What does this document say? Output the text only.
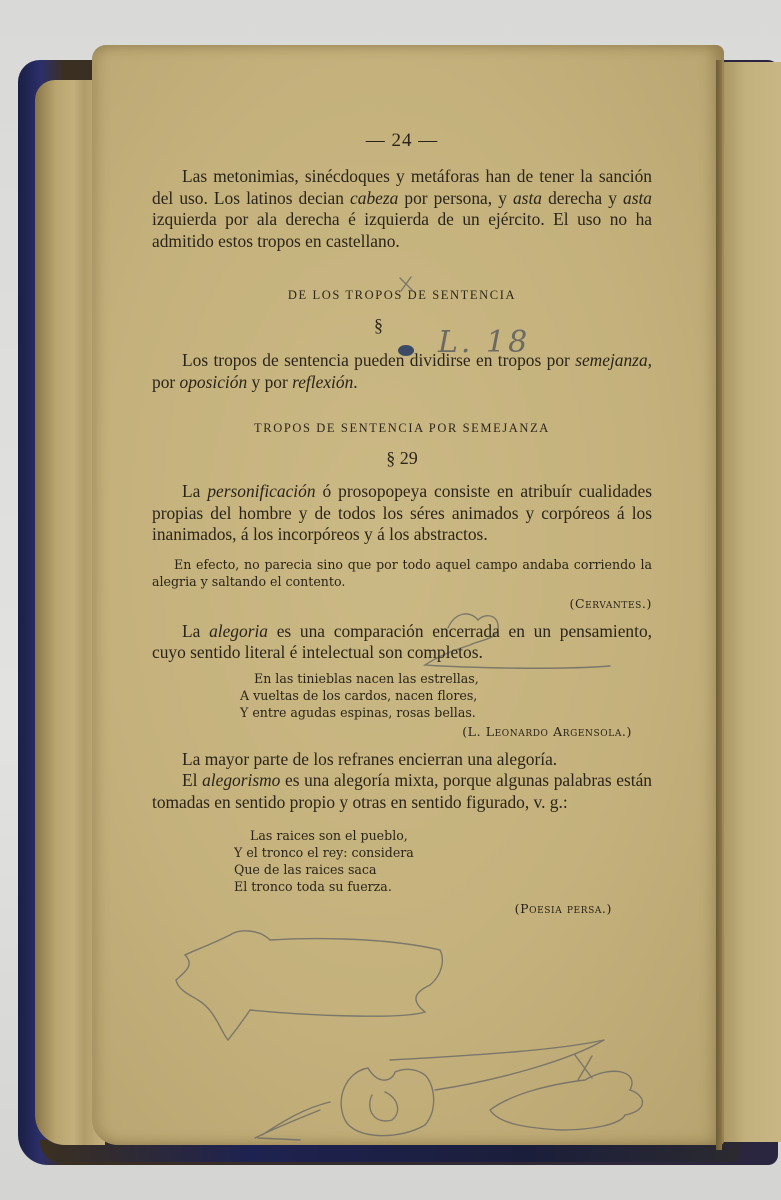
L. 18
— 24 —

Las metonimias, sinécdoques y metáforas han de tener la sanción del uso. Los latinos decian cabeza por persona, y asta derecha y asta izquierda por ala derecha é izquierda de un ejército. El uso no ha admitido estos tropos en castellano.

DE LOS TROPOS DE SENTENCIA
§

Los tropos de sentencia pueden dividirse en tropos por semejanza, por oposición y por reflexión.

TROPOS DE SENTENCIA POR SEMEJANZA
§ 29

La personificación ó prosopopeya consiste en atribuír cualidades propias del hombre y de todos los séres animados y corpóreos á los inanimados, á los incorpóreos y á los abstractos.

En efecto, no parecia sino que por todo aquel campo andaba corriendo la alegria y saltando el contento.

(Cervantes.)

La alegoria es una comparación encerrada en un pensamiento, cuyo sentido literal é intelectual son completos.

En las tinieblas nacen las estrellas,
A vueltas de los cardos, nacen flores,
Y entre agudas espinas, rosas bellas.

(L. Leonardo Argensola.)

La mayor parte de los refranes encierran una alegoría.

El alegorismo es una alegoría mixta, porque algunas palabras están tomadas en sentido propio y otras en sentido figurado, v. g.:

Las raices son el pueblo,
Y el tronco el rey: considera
Que de las raices saca
El tronco toda su fuerza.

(Poesia persa.)
